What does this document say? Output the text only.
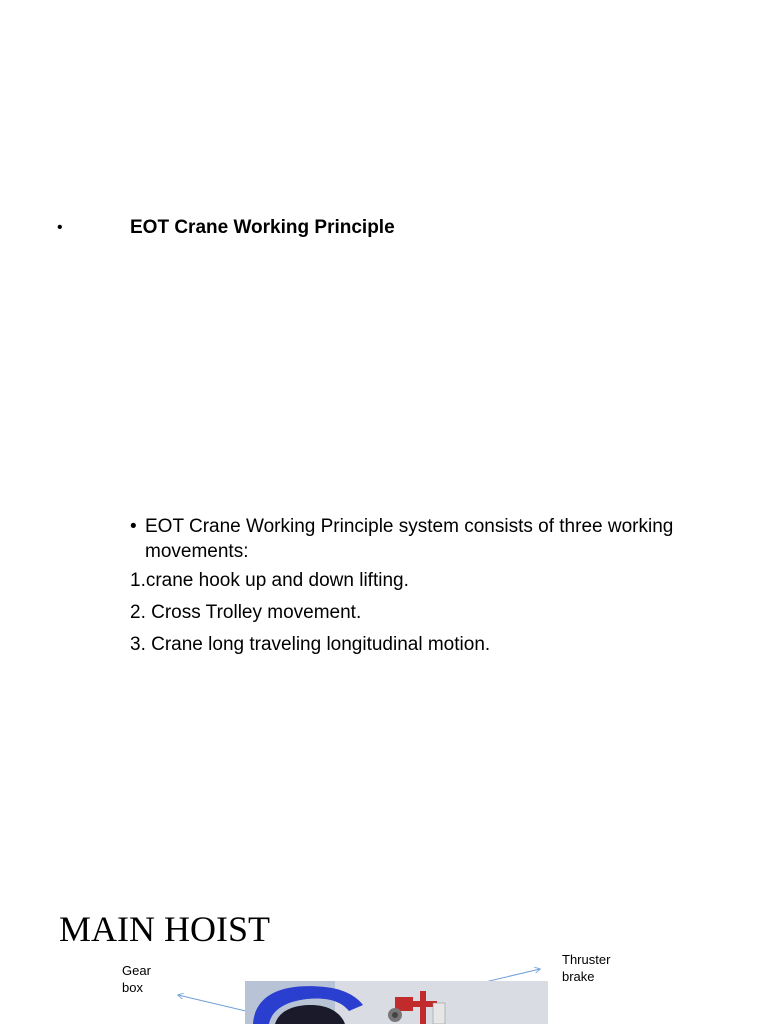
•	EOT Crane Working Principle
• EOT Crane Working Principle system consists of three working movements:
1.crane hook up and down lifting.
2. Cross Trolley movement.
3. Crane long traveling longitudinal motion.
MAIN HOIST
Gear box
Thruster brake
